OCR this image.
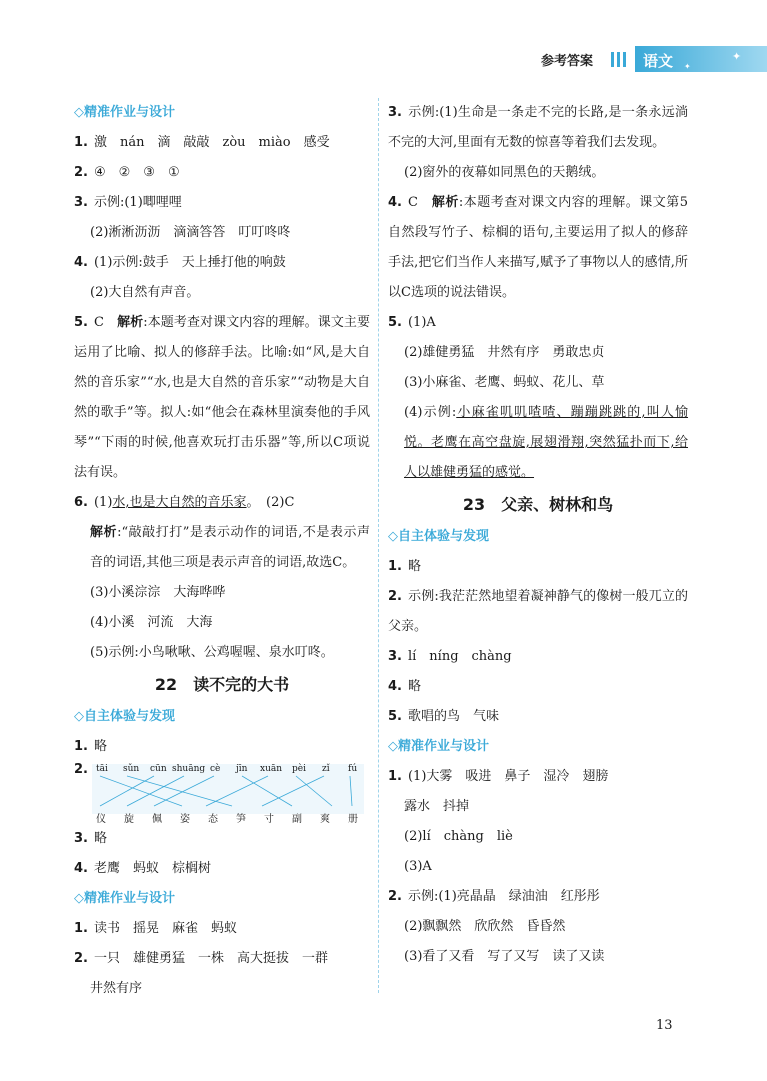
参考答案	语文	✦
✦
◇精准作业与设计
1. 激　nán　滴　敲敲　zòu　miào　感受
2. ④　②　③　①
3. 示例:(1)唧哩哩
(2)淅淅沥沥　滴滴答答　叮叮咚咚
4. (1)示例:鼓手　天上捶打他的响鼓
(2)大自然有声音。
5. C　解析:本题考查对课文内容的理解。课文主要运用了比喻、拟人的修辞手法。比喻:如“风,是大自然的音乐家”“水,也是大自然的音乐家”“动物是大自然的歌手”等。拟人:如“他会在森林里演奏他的手风琴”“下雨的时候,他喜欢玩打击乐器”等,所以C项说法有误。
6. (1)水,也是大自然的音乐家。　(2)C
解析:“敲敲打打”是表示动作的词语,不是表示声音的词语,其他三项是表示声音的词语,故选C。
(3)小溪淙淙　大海哗哗
(4)小溪　河流　大海
(5)示例:小鸟啾啾、公鸡喔喔、泉水叮咚。
22　读不完的大书
◇自主体验与发现
1. 略
2. tāi sǔn cūn shuāng cè jīn xuān pèi zǐ fú
仪 旋 佩 姿 态 笋 寸 副 爽 册
3. 略
4. 老鹰　蚂蚁　棕榈树
◇精准作业与设计
1. 读书　摇晃　麻雀　蚂蚁
2. 一只　雄健勇猛　一株　高大挺拔　一群
井然有序
3. 示例:(1)生命是一条走不完的长路,是一条永远淌不完的大河,里面有无数的惊喜等着我们去发现。
(2)窗外的夜幕如同黑色的天鹅绒。
4. C　解析:本题考查对课文内容的理解。课文第5自然段写竹子、棕榈的语句,主要运用了拟人的修辞手法,把它们当作人来描写,赋予了事物以人的感情,所以C选项的说法错误。
5. (1)A
(2)雄健勇猛　井然有序　勇敢忠贞
(3)小麻雀、老鹰、蚂蚁、花儿、草
(4)示例:小麻雀叽叽喳喳、蹦蹦跳跳的,叫人愉悦。老鹰在高空盘旋,展翅滑翔,突然猛扑而下,给人以雄健勇猛的感觉。
23　父亲、树林和鸟
◇自主体验与发现
1. 略
2. 示例:我茫茫然地望着凝神静气的像树一般兀立的父亲。
3. lí　níng　chàng
4. 略
5. 歌唱的鸟　气味
◇精准作业与设计
1. (1)大雾　吸进　鼻子　湿冷　翅膀
露水　抖掉
(2)lí　chàng　liè
(3)A
2. 示例:(1)亮晶晶　绿油油　红彤彤
(2)飘飘然　欣欣然　昏昏然
(3)看了又看　写了又写　读了又读
13
